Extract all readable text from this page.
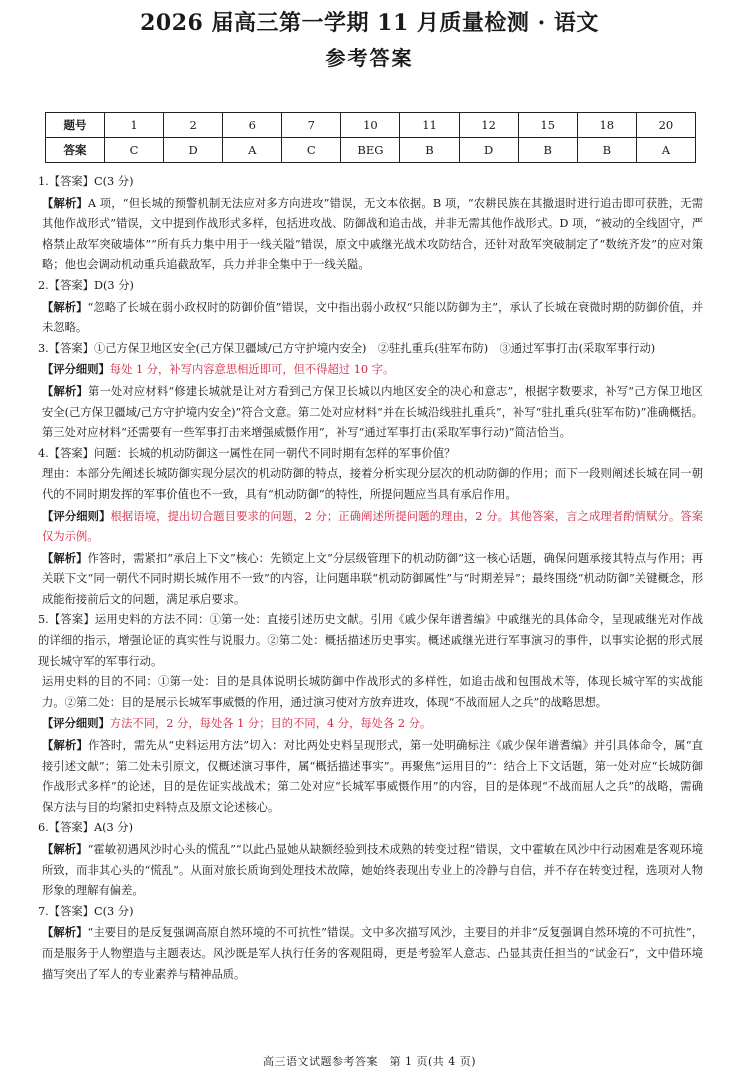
2026 届高三第一学期 11 月质量检测 · 语文
参考答案
题号	1	2	6	7	10	11	12	15	18	20
答案	C	D	A	C	BEG	B	D	B	B	A

1.【答案】C(3 分)

【解析】A 项，“但长城的预警机制无法应对多方向进攻”错误，无文本依据。B 项，“农耕民族在其撤退时进行追击即可获胜，无需其他作战形式”错误，文中提到作战形式多样，包括进攻战、防御战和追击战，并非无需其他作战形式。D 项，“被动的全线固守，严格禁止敌军突破墙体”“所有兵力集中用于一线关隘”错误，原文中戚继光战术攻防结合，还针对敌军突破制定了“数统齐发”的应对策略；他也会调动机动重兵追截敌军，兵力并非全集中于一线关隘。

2.【答案】D(3 分)

【解析】“忽略了长城在弱小政权时的防御价值”错误，文中指出弱小政权“只能以防御为主”，承认了长城在衰微时期的防御价值，并未忽略。

3.【答案】①己方保卫地区安全(己方保卫疆域/己方守护境内安全)　②驻扎重兵(驻军布防)　③通过军事打击(采取军事行动)

【评分细则】每处 1 分，补写内容意思相近即可，但不得超过 10 字。

【解析】第一处对应材料“修建长城就是让对方看到己方保卫长城以内地区安全的决心和意志”，根据字数要求，补写“己方保卫地区安全(己方保卫疆域/己方守护境内安全)”符合文意。第二处对应材料“并在长城沿线驻扎重兵”，补写“驻扎重兵(驻军布防)”准确概括。第三处对应材料“还需要有一些军事打击来增强威慑作用”，补写“通过军事打击(采取军事行动)”简洁恰当。

4.【答案】问题：长城的机动防御这一属性在同一朝代不同时期有怎样的军事价值？

理由：本部分先阐述长城防御实现分层次的机动防御的特点，接着分析实现分层次的机动防御的作用；而下一段则阐述长城在同一朝代的不同时期发挥的军事价值也不一致，具有“机动防御”的特性，所提问题应当具有承启作用。

【评分细则】根据语境，提出切合题目要求的问题，2 分；正确阐述所提问题的理由，2 分。其他答案，言之成理者酌情赋分。答案仅为示例。

【解析】作答时，需紧扣“承启上下文”核心：先锁定上文“分层级管理下的机动防御”这一核心话题，确保问题承接其特点与作用；再关联下文“同一朝代不同时期长城作用不一致”的内容，让问题串联“机动防御属性”与“时期差异”；最终围绕“机动防御”关键概念，形成能衔接前后文的问题，满足承启要求。

5.【答案】运用史料的方法不同：①第一处：直接引述历史文献。引用《戚少保年谱耆编》中戚继光的具体命令，呈现戚继光对作战的详细的指示，增强论证的真实性与说服力。②第二处：概括描述历史事实。概述戚继光进行军事演习的事件，以事实论据的形式展现长城守军的军事行动。

运用史料的目的不同：①第一处：目的是具体说明长城防御中作战形式的多样性，如追击战和包围战术等，体现长城守军的实战能力。②第二处：目的是展示长城军事威慑的作用，通过演习使对方放弃进攻，体现“不战而屈人之兵”的战略思想。

【评分细则】方法不同，2 分，每处各 1 分；目的不同，4 分，每处各 2 分。

【解析】作答时，需先从“史料运用方法”切入：对比两处史料呈现形式，第一处明确标注《戚少保年谱耆编》并引具体命令，属“直接引述文献”；第二处未引原文，仅概述演习事件，属“概括描述事实”。再聚焦“运用目的”：结合上下文话题，第一处对应“长城防御作战形式多样”的论述，目的是佐证实战战术；第二处对应“长城军事威慑作用”的内容，目的是体现“不战而屈人之兵”的战略，需确保方法与目的均紧扣史料特点及原文论述核心。

6.【答案】A(3 分)

【解析】“霍敏初遇风沙时心头的慌乱”“以此凸显她从缺额经验到技术成熟的转变过程”错误，文中霍敏在风沙中行动困难是客观环境所致，而非其心头的“慌乱”。从面对旅长质询到处理技术故障，她始终表现出专业上的冷静与自信，并不存在转变过程，选项对人物形象的理解有偏差。

7.【答案】C(3 分)

【解析】“主要目的是反复强调高原自然环境的不可抗性”错误。文中多次描写风沙，主要目的并非“反复强调自然环境的不可抗性”，而是服务于人物塑造与主题表达。风沙既是军人执行任务的客观阻碍，更是考验军人意志、凸显其责任担当的“试金石”，文中借环境描写突出了军人的专业素养与精神品质。

高三语文试题参考答案　第 1 页(共 4 页)
